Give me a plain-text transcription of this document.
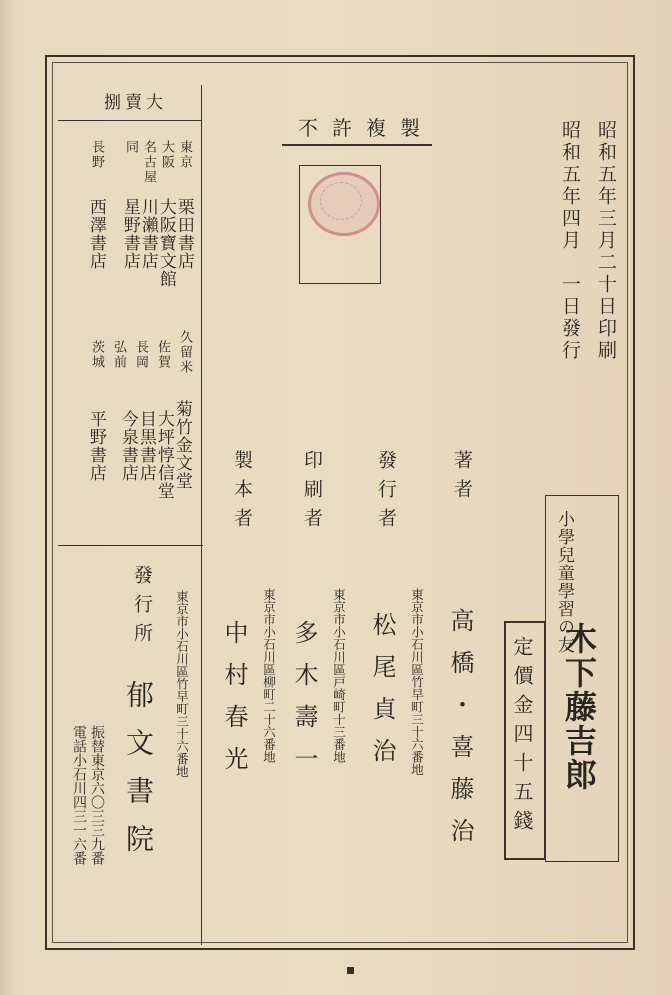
昭和五年三月二十日印刷
昭和五年四月　一日發行
不許複製
小學兒童學習の友
木下藤吉郎
定價金四十五錢
著者
高橋・喜藤治
發行者
東京市小石川區竹早町三十六番地
松尾貞治
印刷者
東京市小石川區戸崎町十三番地
多木壽一
製本者
東京市小石川區柳町二十六番地
中村春光
發行所 東京市小石川區竹早町三十六番地
郁文書院
振替東京六〇三三九番
電話小石川四三一六番
大賣捌
東京
栗田書店
大阪
大阪寶文館
名古屋
川瀨書店
同
星野書店
長野
西澤書店
久留米
菊竹金文堂
佐賀
大坪惇信堂
長岡
目黒書店
弘前
今泉書店
茨城
平野書店
